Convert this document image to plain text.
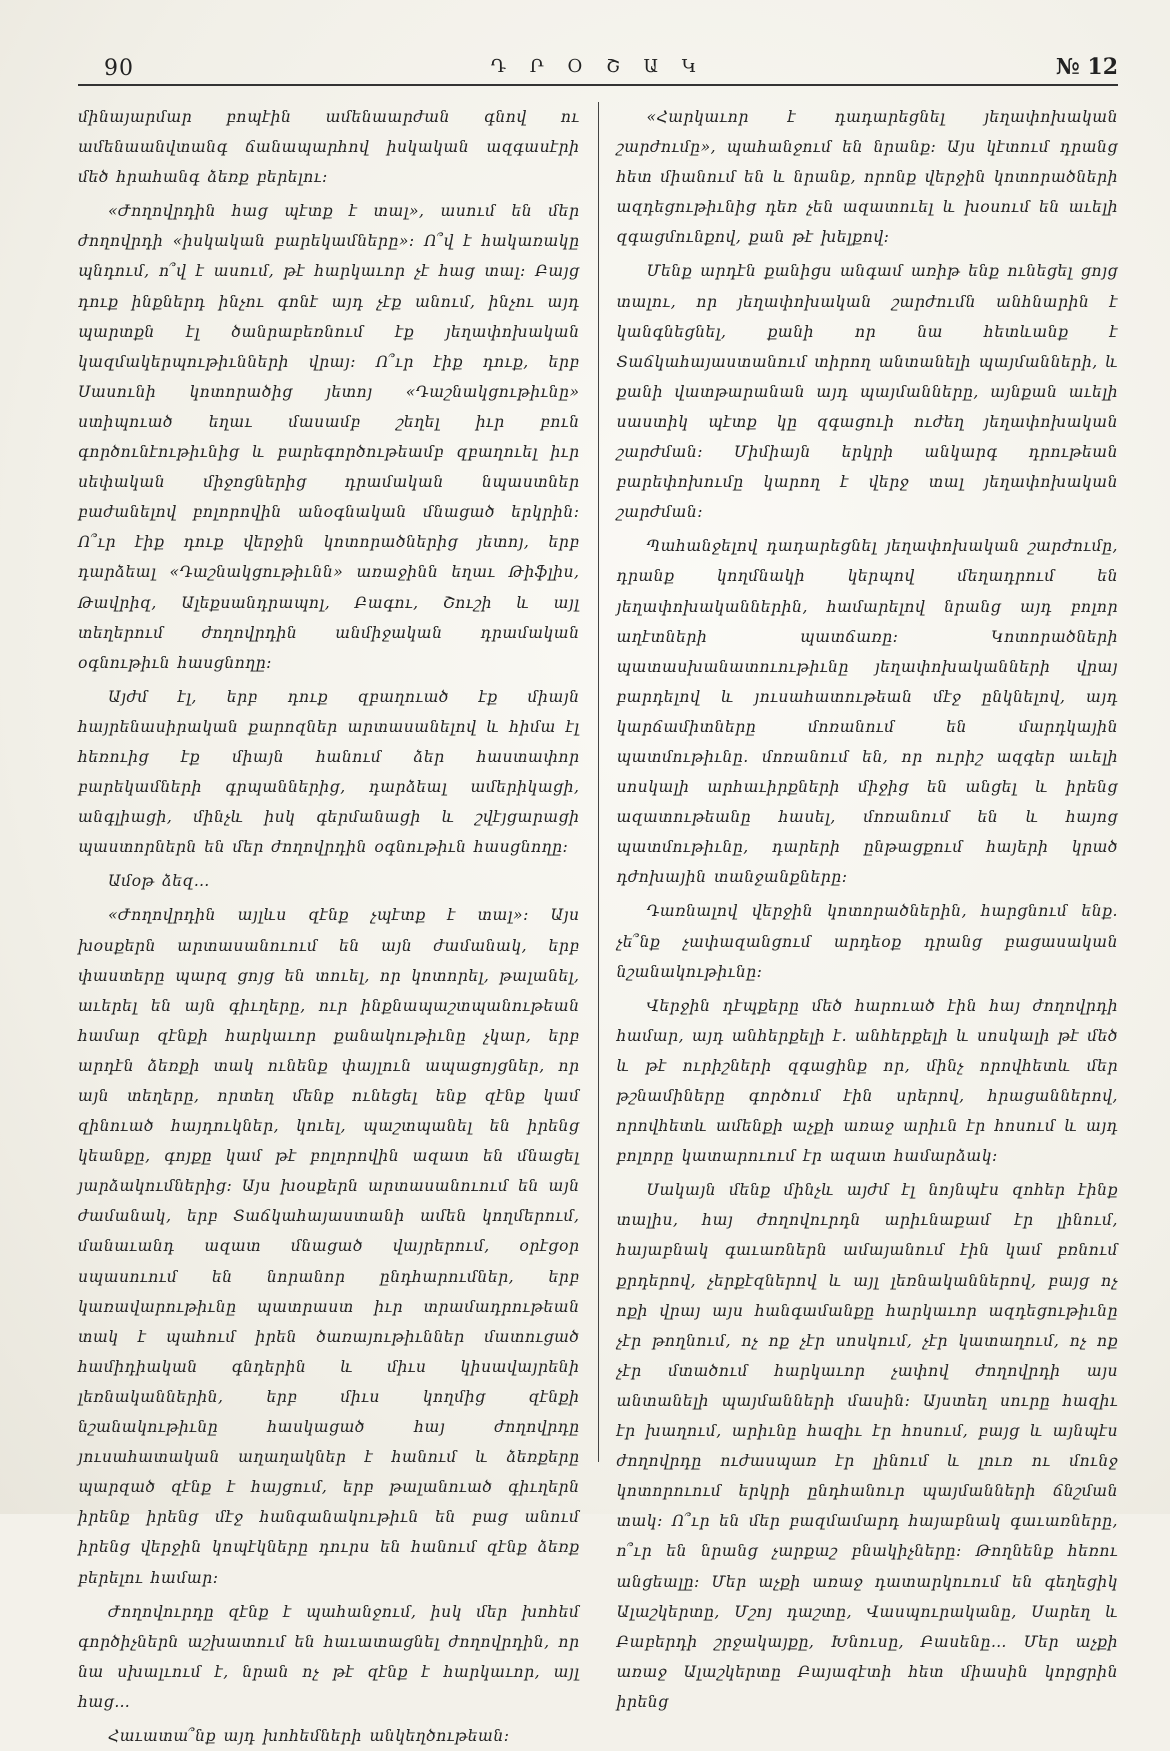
90	Դ Ր Օ Շ Ա Կ	№ 12

մինայարմար բոպէին ամենաարժան գնով ու ամենաանվտանգ ճանապարհով իսկական ազգասէրի մեծ հրահանգ ձեռք բերելու:

«Ժողովրդին հաց պէտք է տալ», ասում են մեր ժողովրդի «իսկական բարեկամները»: Ո՞վ է հակառակը պնդում, ո՞վ է ասում, թէ հարկաւոր չէ հաց տալ: Բայց դուք ինքներդ ինչու գոնէ այդ չէք անում, ինչու այդ պարտքն էլ ծանրաբեռնում էք յեղափոխական կազմակերպութիւնների վրայ: Ո՞ւր էիք դուք, երբ Սասունի կոտորածից յետոյ «Դաշնակցութիւնը» ստիպուած եղաւ մասամբ շեղել իւր բուն գործունէութիւնից և բարեգործութեամբ զբաղուել իւր սեփական միջոցներից դրամական նպաստներ բաժանելով բոլորովին անօգնական մնացած երկրին: Ո՞ւր էիք դուք վերջին կոտորածներից յետոյ, երբ դարձեալ «Դաշնակցութիւնն» առաջինն եղաւ Թիֆլիս, Թավրիզ, Ալեքսանդրապոլ, Բագու, Շուշի և այլ տեղերում ժողովրդին անմիջական դրամական օգնութիւն հասցնողը:

Այժմ էլ, երբ դուք զբաղուած էք միայն հայրենասիրական քարոզներ արտասանելով և հիմա էլ հեռուից էք միայն հանում ձեր հաստափոր բարեկամների գրպաններից, դարձեալ ամերիկացի, անգլիացի, մինչև իսկ գերմանացի և շվէյցարացի պաստորներն են մեր ժողովրդին օգնութիւն հասցնողը:

Ամօթ ձեզ…

«Ժողովրդին այլևս զէնք չպէտք է տալ»: Այս խօսքերն արտասանուում են այն ժամանակ, երբ փաստերը պարզ ցոյց են տուել, որ կոտորել, թալանել, աւերել են այն գիւղերը, ուր ինքնապաշտպանութեան համար զէնքի հարկաւոր քանակութիւնը չկար, երբ արդէն ձեռքի տակ ունենք փայլուն ապացոյցներ, որ այն տեղերը, որտեղ մենք ունեցել ենք զէնք կամ զինուած հայդուկներ, կուել, պաշտպանել են իրենց կեանքը, գոյքը կամ թէ բոլորովին ազատ են մնացել յարձակումներից: Այս խօսքերն արտասանուում են այն ժամանակ, երբ Տաճկահայաստանի ամեն կողմերում, մանաւանդ ազատ մնացած վայրերում, օրէցօր սպասուում են նորանոր ընդհարումներ, երբ կառավարութիւնը պատրաստ իւր տրամադրութեան տակ է պահում իրեն ծառայութիւններ մատուցած համիդիական գնդերին և միւս կիսավայրենի լեռնականներին, երբ միւս կողմից զէնքի նշանակութիւնը հասկացած հայ ժողովրդը յուսահատական աղաղակներ է հանում և ձեռքերը պարզած զէնք է հայցում, երբ թալանուած գիւղերն իրենք իրենց մէջ հանգանակութիւն են բաց անում իրենց վերջին կոպէկները դուրս են հանում զէնք ձեռք բերելու համար:

Ժողովուրդը զէնք է պահանջում, իսկ մեր խոհեմ գործիչներն աշխատում են հաւատացնել ժողովրդին, որ նա սխալւում է, նրան ոչ թէ զէնք է հարկաւոր, այլ հաց…

Հաւատա՞նք այդ խոհեմների անկեղծութեան:

«Հարկաւոր է դադարեցնել յեղափոխական շարժումը», պահանջում են նրանք: Այս կէտում դրանց հետ միանում են և նրանք, որոնք վերջին կոտորածների ազդեցութիւնից դեռ չեն ազատուել և խօսում են աւելի զգացմունքով, քան թէ խելքով:

Մենք արդէն քանիցս անգամ առիթ ենք ունեցել ցոյց տալու, որ յեղափոխական շարժումն անհնարին է կանգնեցնել, քանի որ նա հետևանք է Տաճկահայաստանում տիրող անտանելի պայմանների, և քանի վատթարանան այդ պայմանները, այնքան աւելի սաստիկ պէտք կը զգացուի ուժեղ յեղափոխական շարժման: Միմիայն երկրի անկարգ դրութեան բարեփոխումը կարող է վերջ տալ յեղափոխական շարժման:

Պահանջելով դադարեցնել յեղափոխական շարժումը, դրանք կողմնակի կերպով մեղադրում են յեղափոխականներին, համարելով նրանց այդ բոլոր աղէտների պատճառը: Կոտորածների պատասխանատուութիւնը յեղափոխականների վրայ բարդելով և յուսահատութեան մէջ ընկնելով, այդ կարճամիտները մոռանում են մարդկային պատմութիւնը. մոռանում են, որ ուրիշ ազգեր աւելի սոսկալի արհաւիրքների միջից են անցել և իրենց ազատութեանը հասել, մոռանում են և հայոց պատմութիւնը, դարերի ընթացքում հայերի կրած դժոխային տանջանքները:

Դառնալով վերջին կոտորածներին, հարցնում ենք. չե՞նք չափազանցում արդեօք դրանց բացասական նշանակութիւնը:

Վերջին դէպքերը մեծ հարուած էին հայ ժողովրդի համար, այդ անհերքելի է. անհերքելի և սոսկալի թէ մեծ և թէ ուրիշների զգացինք որ, մինչ որովհետև մեր թշնամիները գործում էին սրերով, հրացաններով, որովհետև ամենքի աչքի առաջ արիւն էր հոսում և այդ բոլորը կատարուում էր ազատ համարձակ:

Սակայն մենք մինչև այժմ էլ նոյնպէս զոհեր էինք տալիս, հայ ժողովուրդն արիւնաքամ էր լինում, հայաբնակ գաւառներն ամայանում էին կամ բռնում քրդերով, չերքէզներով և այլ լեռնականներով, բայց ոչ ոքի վրայ այս հանգամանքը հարկաւոր ազդեցութիւնը չէր թողնում, ոչ ոք չէր սոսկում, չէր կատաղում, ոչ ոք չէր մտածում հարկաւոր չափով ժողովրդի այս անտանելի պայմանների մասին: Այստեղ սուրը հազիւ էր խաղում, արիւնը հազիւ էր հոսում, բայց և այնպէս ժողովրդը ուժասպառ էր լինում և լուռ ու մունջ կոտորուում երկրի ընդհանուր պայմանների ճնշման տակ: Ո՞ւր են մեր բազմամարդ հայաբնակ գաւառները, ո՞ւր են նրանց չարքաշ բնակիչները: Թողնենք հեռու անցեալը: Մեր աչքի առաջ դատարկուում են գեղեցիկ Ալաշկերտը, Մշոյ դաշտը, Վասպուրականը, Սարեղ և Բաբերդի շրջակայքը, Խնուսը, Բասենը… Մեր աչքի առաջ Ալաշկերտը Բայազէտի հետ միասին կորցրին իրենց
